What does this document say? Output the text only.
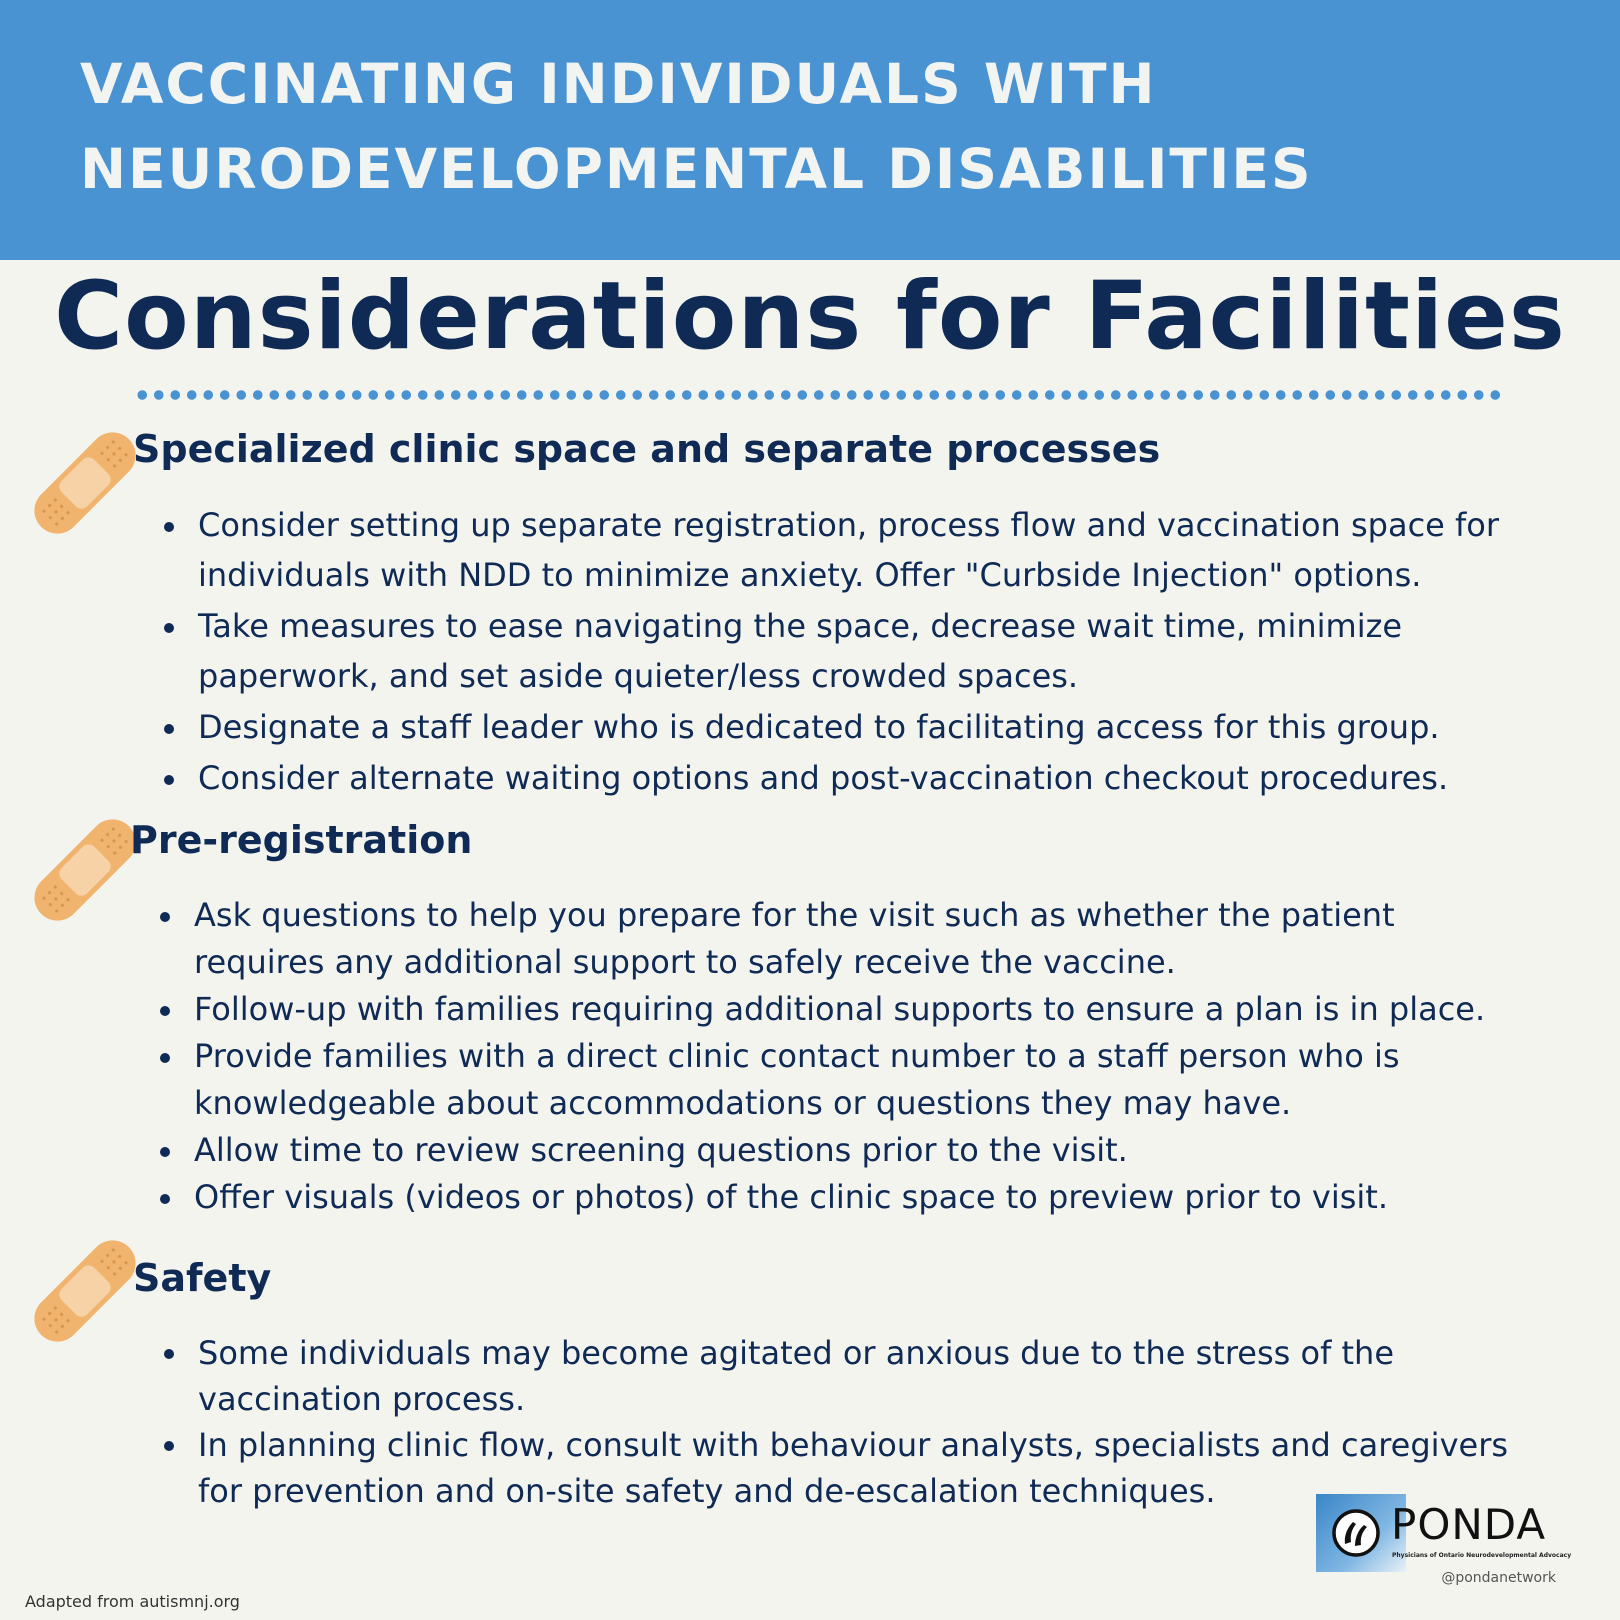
VACCINATING INDIVIDUALS WITH
NEURODEVELOPMENTAL DISABILITIES
Considerations for Facilities
Specialized clinic space and separate processes
Consider setting up separate registration, process flow and vaccination space for
individuals with NDD to minimize anxiety. Offer "Curbside Injection" options.
Take measures to ease navigating the space, decrease wait time, minimize
paperwork, and set aside quieter/less crowded spaces.
Designate a staff leader who is dedicated to facilitating access for this group.
Consider alternate waiting options and post-vaccination checkout procedures.
Pre-registration
Ask questions to help you prepare for the visit such as whether the patient
requires any additional support to safely receive the vaccine.
Follow-up with families requiring additional supports to ensure a plan is in place.
Provide families with a direct clinic contact number to a staff person who is
knowledgeable about accommodations or questions they may have.
Allow time to review screening questions prior to the visit.
Offer visuals (videos or photos) of the clinic space to preview prior to visit.
Safety
Some individuals may become agitated or anxious due to the stress of the
vaccination process.
In planning clinic flow, consult with behaviour analysts, specialists and caregivers
for prevention and on-site safety and de-escalation techniques.
PONDA
Physicians of Ontario Neurodevelopmental Advocacy
@pondanetwork
Adapted from autismnj.org
